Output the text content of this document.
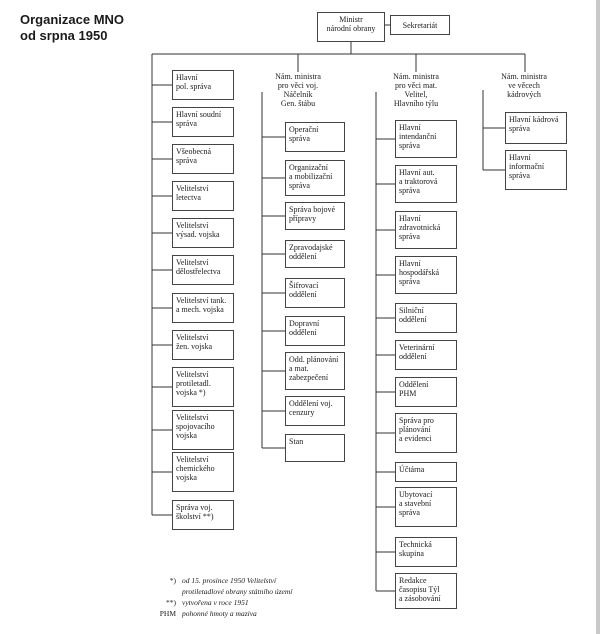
Organizace MNO
od srpna 1950
Ministr
národní obrany	Sekretariát
Nám. ministra
pro věci voj.
Náčelník
Gen. štábu
Nám. ministra
pro věci mat.
Velitel,
Hlavního týlu
Nám. ministra
ve věcech
kádrových
Hlavní
pol. správa
Hlavní soudní
správa
Všeobecná
správa
Velitelství
letectva
Velitelství
výsad. vojska
Velitelství
dělostřelectva
Velitelství tank.
a mech. vojska
Velitelství
žen. vojska
Velitelství
protiletadl.
vojska *)
Velitelství
spojovacího
vojska
Velitelství
chemického
vojska
Správa voj.
školství **)
Operační
správa
Organizační
a mobilizační
správa
Správa bojové
přípravy
Zpravodajské
oddělení
Šifrovací
oddělení
Dopravní
oddělení
Odd. plánování
a mat.
zabezpečení
Oddělení voj.
cenzury
Stan
Hlavní
intendanční
správa
Hlavní aut.
a traktorová
správa
Hlavní
zdravotnická
správa
Hlavní
hospodářská
správa
Silniční
oddělení
Veterinární
oddělení
Oddělení
PHM
Správa pro
plánování
a evidenci
Účtárna
Ubytovací
a stavební
správа
Technická
skupina
Redakce
časopisu Týl
a zásobování
Hlavní kádrová
správa
Hlavní
informační
správa
*) od 15. prosince 1950 Velitelství
protiletadlové obrany státního území
**) vytvořena v roce 1951
PHM pohonné hmoty a maziva
